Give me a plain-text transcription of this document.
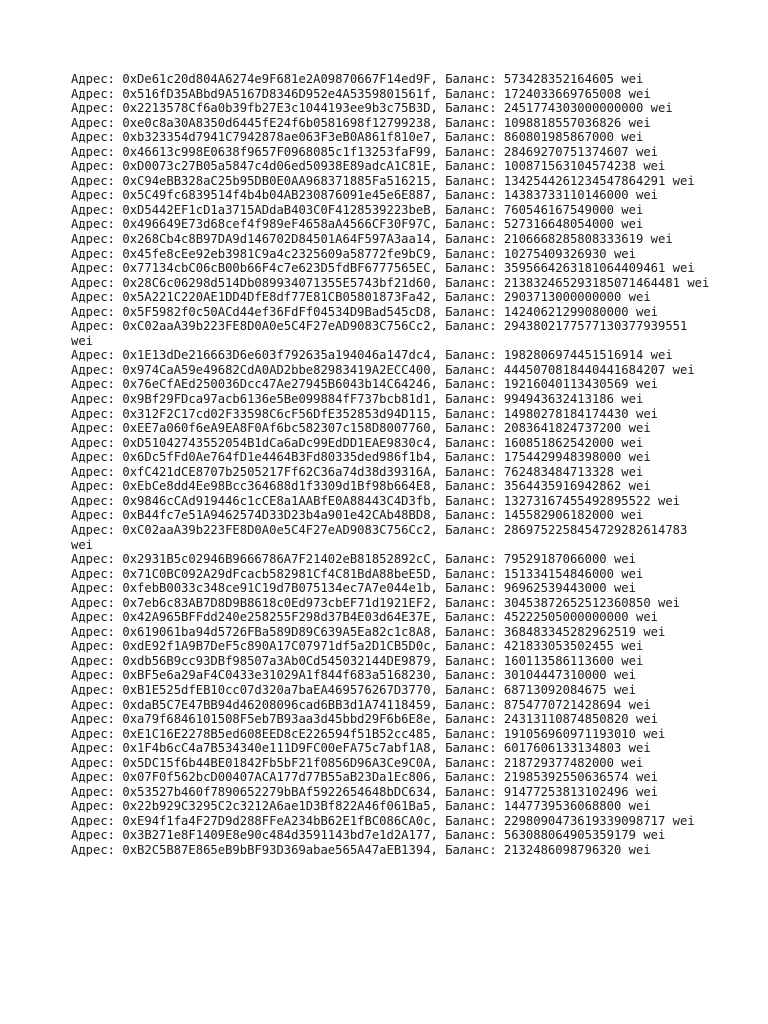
Адрес: 0xDe61c20d804A6274e9F681e2A09870667F14ed9F, Баланс: 573428352164605 wei
Адрес: 0x516fD35ABbd9A5167D8346D952e4A5359801561f, Баланс: 1724033669765008 wei
Адрес: 0x2213578Cf6a0b39fb27E3c1044193ee9b3c75B3D, Баланс: 2451774303000000000 wei
Адрес: 0xe0c8a30A8350d6445fE24f6b0581698f12799238, Баланс: 1098818557036826 wei
Адрес: 0xb323354d7941C7942878ae063F3eB0A861f810e7, Баланс: 860801985867000 wei
Адрес: 0x46613c998E0638f9657F0968085c1f13253faF99, Баланс: 28469270751374607 wei
Адрес: 0xD0073c27B05a5847c4d06ed50938E89adcA1C81E, Баланс: 100871563104574238 wei
Адрес: 0xC94eBB328aC25b95DB0E0AA968371885Fa516215, Баланс: 1342544261234547864291 wei
Адрес: 0x5C49fc6839514f4b4b04AB230876091e45e6E887, Баланс: 14383733110146000 wei
Адрес: 0xD5442EF1cD1a3715ADdaB403C0F4128539223beB, Баланс: 760546167549000 wei
Адрес: 0x496649E73d68cef4f989eF4658aA4566CF30F97C, Баланс: 527316648054000 wei
Адрес: 0x268Cb4c8B97DA9d146702D84501A64F597A3aa14, Баланс: 2106668285808333619 wei
Адрес: 0x45fe8cEe92eb3981C9a4c2325609a58772fe9bC9, Баланс: 10275409326930 wei
Адрес: 0x77134cbC06cB00b66F4c7e623D5fdBF6777565EC, Баланс: 3595664263181064409461 wei
Адрес: 0x28C6c06298d514Db089934071355E5743bf21d60, Баланс: 2138324652931850714644​81 wei
Адрес: 0x5A221C220AE1DD4DfE8df77E81CB05801873Fa42, Баланс: 2903713000000000 wei
Адрес: 0x5F5982f0c50ACd44ef36FdFf04534D9Bad545cD8, Баланс: 14240621299080000 wei
Адрес: 0xC02aaA39b223FE8D0A0e5C4F27eAD9083C756Cc2, Баланс: 2943802177577130377939551 wei
Адрес: 0x1E13dDe216663D6e603f792635a194046a147dc4, Баланс: 1982806974451516914 wei
Адрес: 0x974CaA59e49682CdA0AD2bbe82983419A2ECC400, Баланс: 4445070818440441684207 wei
Адрес: 0x76eCfAEd250036Dcc47Ae27945B6043b14C64246, Баланс: 19216040113430569 wei
Адрес: 0x9Bf29FDca97acb6136e5Be099884fF737bcb81d1, Баланс: 994943632413186 wei
Адрес: 0x312F2C17cd02F33598C6cF56DfE352853d94D115, Баланс: 14980278184174430 wei
Адрес: 0xEE7a060f6eA9EA8F0Af6bc582307c158D8007760, Баланс: 2083641824737200 wei
Адрес: 0xD51042743552054B1dCa6aDc99EdDD1EAE9830c4, Баланс: 160851862542000 wei
Адрес: 0x6Dc5fFd0Ae764fD1e4464B3Fd80335ded986f1b4, Баланс: 1754429948398000 wei
Адрес: 0xfC421dCE8707b2505217Ff62C36a74d38d39316A, Баланс: 762483484713328 wei
Адрес: 0xEbCe8dd4Ee98Bcc364688d1f3309d1Bf98b664E8, Баланс: 3564435916942862 wei
Адрес: 0x9846cCAd919446c1cCE8a1AABfE0A88443C4D3fb, Баланс: 1327316745549289552​2 wei
Адрес: 0xB44fc7e51A9462574D33D23b4a901e42CAb48BD8, Баланс: 145582906182000 wei
Адрес: 0xC02aaA39b223FE8D0A0e5C4F27eAD9083C756Cc2, Баланс: 2869752258454729282614783 wei
Адрес: 0x2931B5c02946B9666786A7F21402eB81852892cC, Баланс: 79529187066000 wei
Адрес: 0x71C0BC092A29dFcacb582981Cf4C81BdA88beE5D, Баланс: 151334154846000 wei
Адрес: 0xfebB0033c348ce91C19d7B075134ec7A7e044e1b, Баланс: 96962539443000 wei
Адрес: 0x7eb6c83AB7D8D9B8618c0Ed973cbEF71d1921EF2, Баланс: 30453872652512360850 wei
Адрес: 0x42A965BFFdd240e258255F298d37B4E03d64E37E, Баланс: 45222505000000000 wei
Адрес: 0x619061ba94d5726FBa589D89C639A5Ea82c1c8A8, Баланс: 368483345282962519 wei
Адрес: 0xdE92f1A9B7DeF5c890A17C07971df5a2D1CB5D0c, Баланс: 421833053502455 wei
Адрес: 0xdb56B9cc93DBf98507a3Ab0Cd545032144DE9879, Баланс: 160113586113600 wei
Адрес: 0xBF5e6a29aF4C0433e31029A1f844f683a5168230, Баланс: 30104447310000 wei
Адрес: 0xB1E525dfEB10cc07d320a7baEA469576267D3770, Баланс: 68713092084675 wei
Адрес: 0xdaB5C7E47BB94d46208096cad6BB3d1A74118459, Баланс: 8754770721428694 wei
Адрес: 0xa79f6846101508F5eb7B93aa3d45bbd29F6b6E8e, Баланс: 24313110874850820 wei
Адрес: 0xE1C16E2278B5ed608EED8cE226594f51B52cc485, Баланс: 191056960971193010 wei
Адрес: 0x1F4b6cC4a7B534340e111D9FC00eFA75c7abf1A8, Баланс: 6017606133134803 wei
Адрес: 0x5DC15f6b44BE01842Fb5bF21f0856D96A3Ce9C0A, Баланс: 218729377482000 wei
Адрес: 0x07F0f562bcD00407ACA177d77B55aB23Da1Ec806, Баланс: 21985392550636574 wei
Адрес: 0x53527b460f7890652279bBAf5922654648bDC634, Баланс: 91477253813102496 wei
Адрес: 0x22b929C3295C2c3212A6ae1D3Bf822A46f061Ba5, Баланс: 1447739536068800 wei
Адрес: 0xE94f1fa4F27D9d288FFeA234bB62E1fBC086CA0c, Баланс: 2298090473619339098717 wei
Адрес: 0x3B271e8F1409E8e90c484d3591143bd7e1d2A177, Баланс: 563088064905359179 wei
Адрес: 0xB2C5B87E865eB9bBF93D369abae565A47aEB1394, Баланс: 2132486098796320 wei
